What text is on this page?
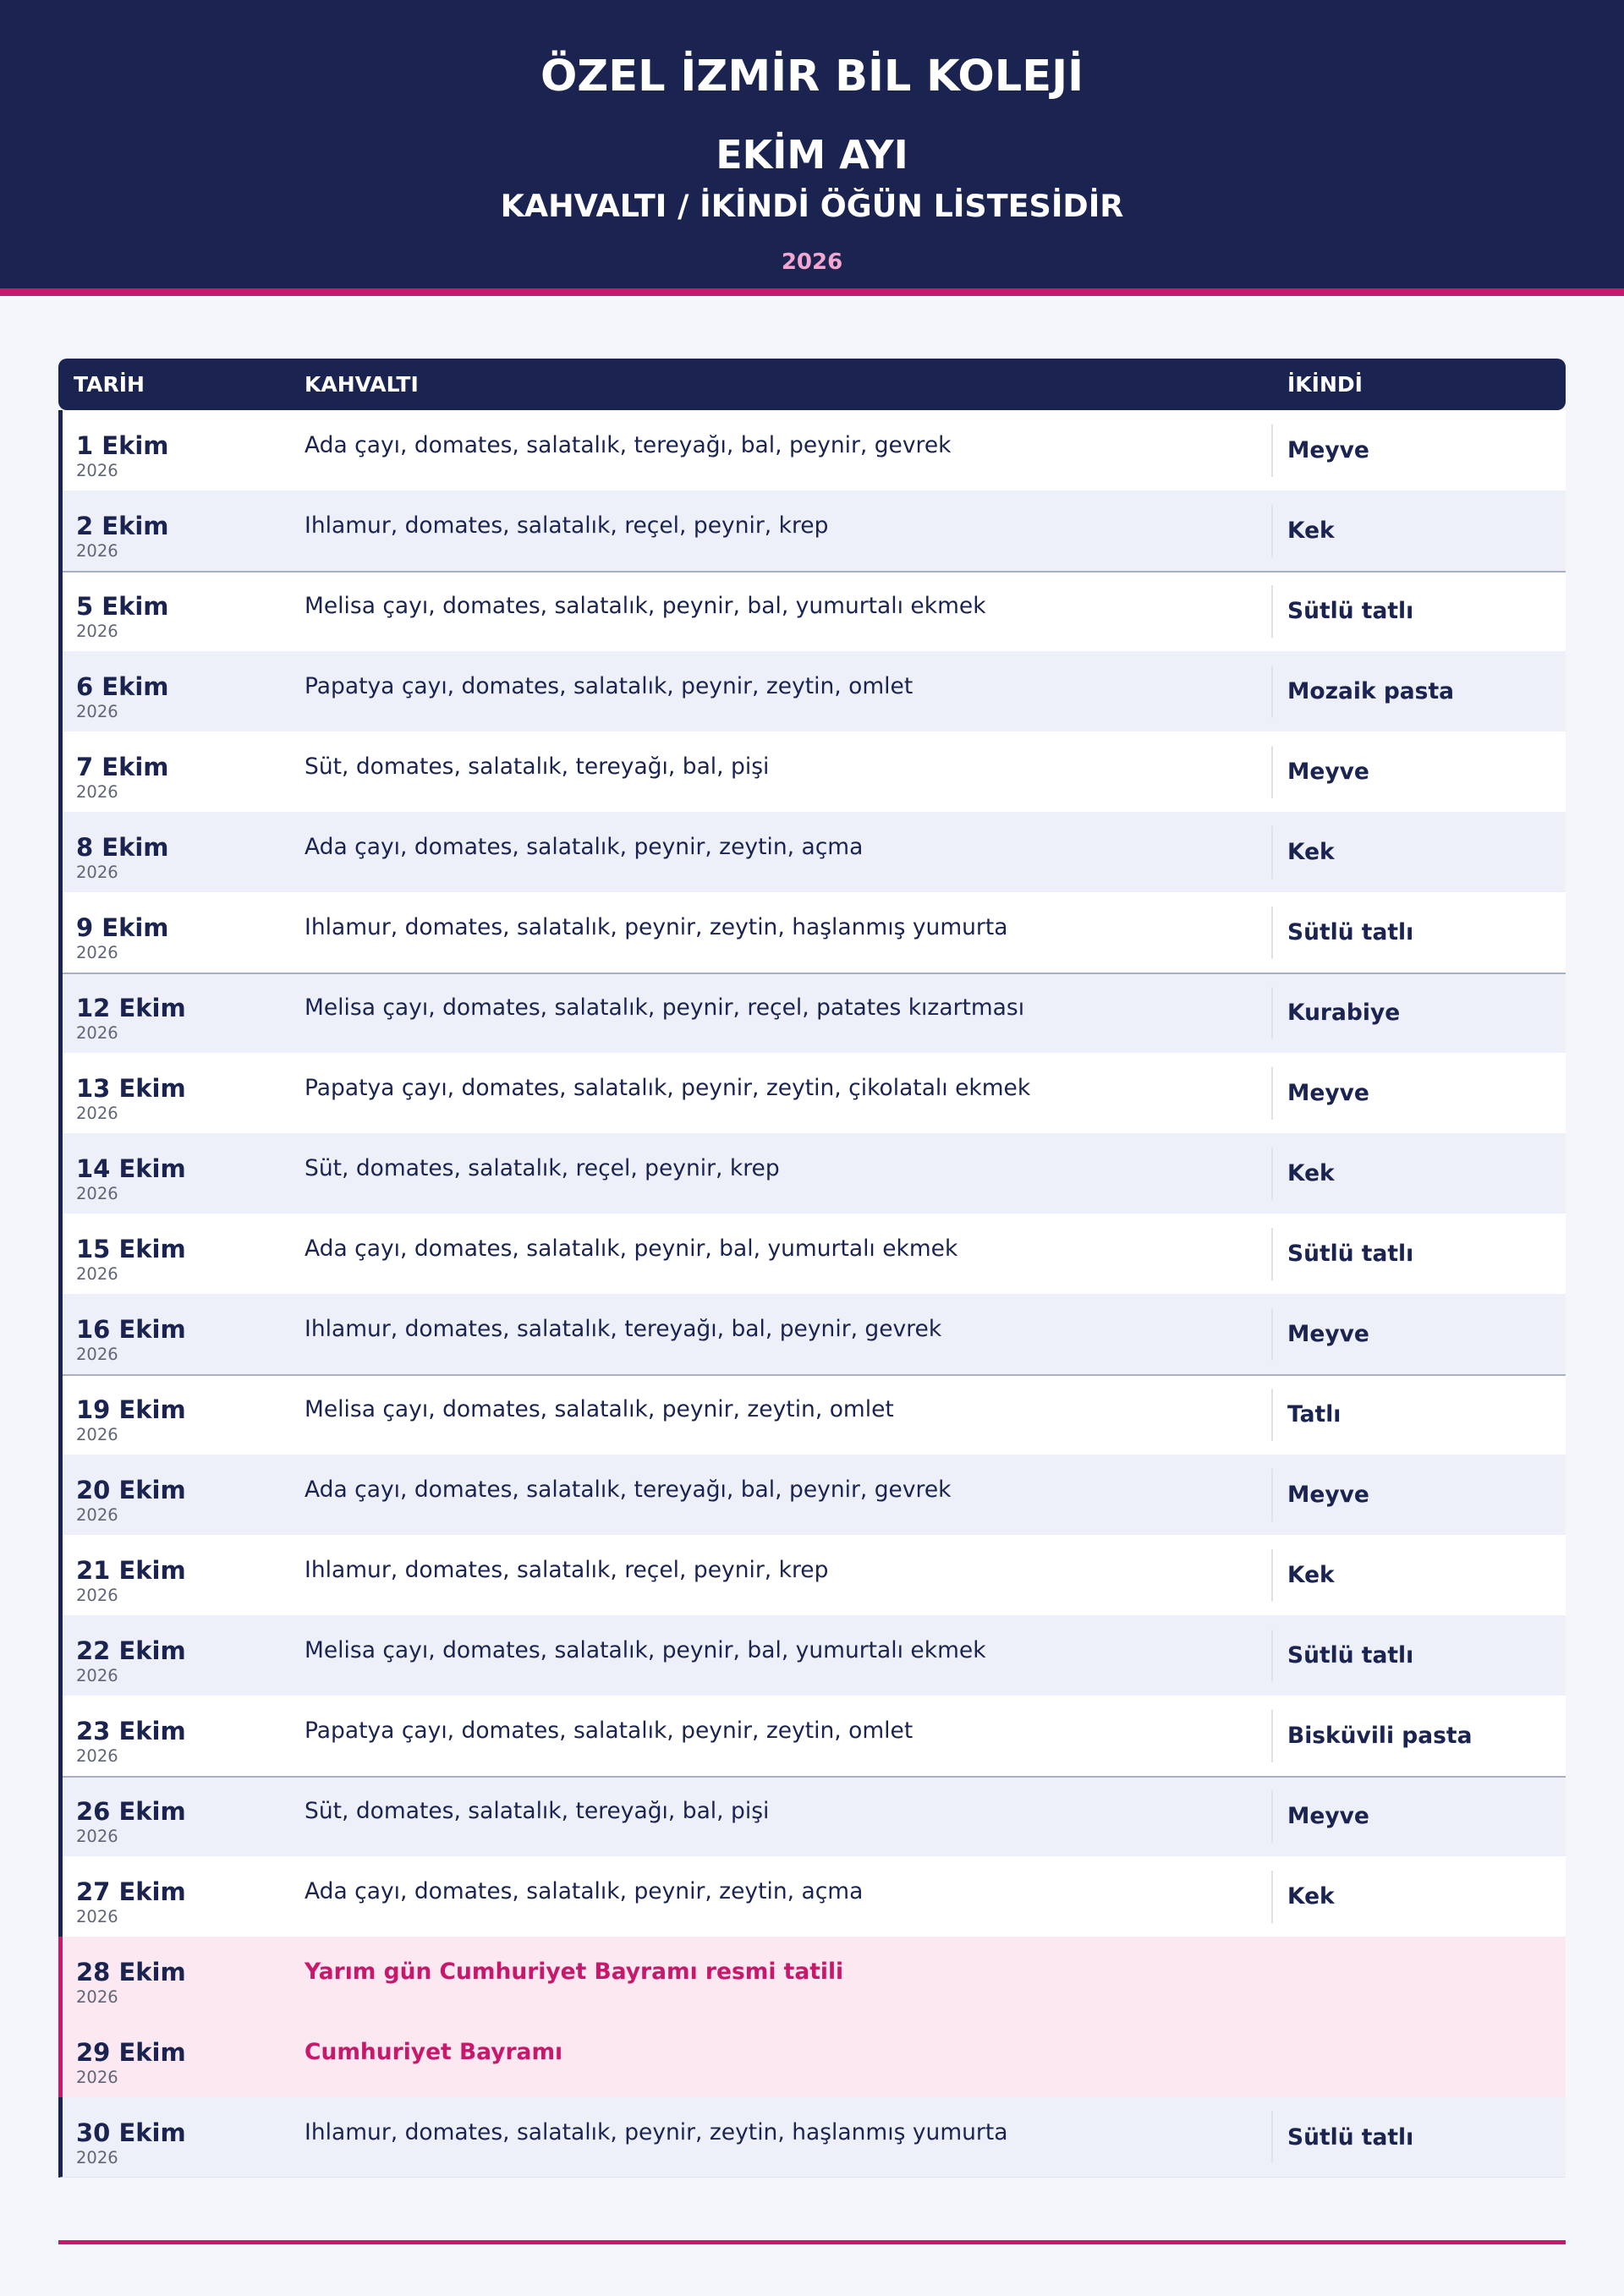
ÖZEL İZMİR BİL KOLEJİ
EKİM AYI
KAHVALTI / İKİNDİ ÖĞÜN LİSTESİDİR
2026
TARİH	KAHVALTI	İKİNDİ
1 Ekim
2026
Ada çayı, domates, salatalık, tereyağı, bal, peynir, gevrek	Meyve
2 Ekim
2026
Ihlamur, domates, salatalık, reçel, peynir, krep	Kek
5 Ekim
2026
Melisa çayı, domates, salatalık, peynir, bal, yumurtalı ekmek	Sütlü tatlı
6 Ekim
2026
Papatya çayı, domates, salatalık, peynir, zeytin, omlet	Mozaik pasta
7 Ekim
2026
Süt, domates, salatalık, tereyağı, bal, pişi	Meyve
8 Ekim
2026
Ada çayı, domates, salatalık, peynir, zeytin, açma	Kek
9 Ekim
2026
Ihlamur, domates, salatalık, peynir, zeytin, haşlanmış yumurta	Sütlü tatlı
12 Ekim
2026
Melisa çayı, domates, salatalık, peynir, reçel, patates kızartması	Kurabiye
13 Ekim
2026
Papatya çayı, domates, salatalık, peynir, zeytin, çikolatalı ekmek	Meyve
14 Ekim
2026
Süt, domates, salatalık, reçel, peynir, krep	Kek
15 Ekim
2026
Ada çayı, domates, salatalık, peynir, bal, yumurtalı ekmek	Sütlü tatlı
16 Ekim
2026
Ihlamur, domates, salatalık, tereyağı, bal, peynir, gevrek	Meyve
19 Ekim
2026
Melisa çayı, domates, salatalık, peynir, zeytin, omlet	Tatlı
20 Ekim
2026
Ada çayı, domates, salatalık, tereyağı, bal, peynir, gevrek	Meyve
21 Ekim
2026
Ihlamur, domates, salatalık, reçel, peynir, krep	Kek
22 Ekim
2026
Melisa çayı, domates, salatalık, peynir, bal, yumurtalı ekmek	Sütlü tatlı
23 Ekim
2026
Papatya çayı, domates, salatalık, peynir, zeytin, omlet	Bisküvili pasta
26 Ekim
2026
Süt, domates, salatalık, tereyağı, bal, pişi	Meyve
27 Ekim
2026
Ada çayı, domates, salatalık, peynir, zeytin, açma	Kek
28 Ekim
2026
Yarım gün Cumhuriyet Bayramı resmi tatili
29 Ekim
2026
Cumhuriyet Bayramı
30 Ekim
2026
Ihlamur, domates, salatalık, peynir, zeytin, haşlanmış yumurta	Sütlü tatlı
